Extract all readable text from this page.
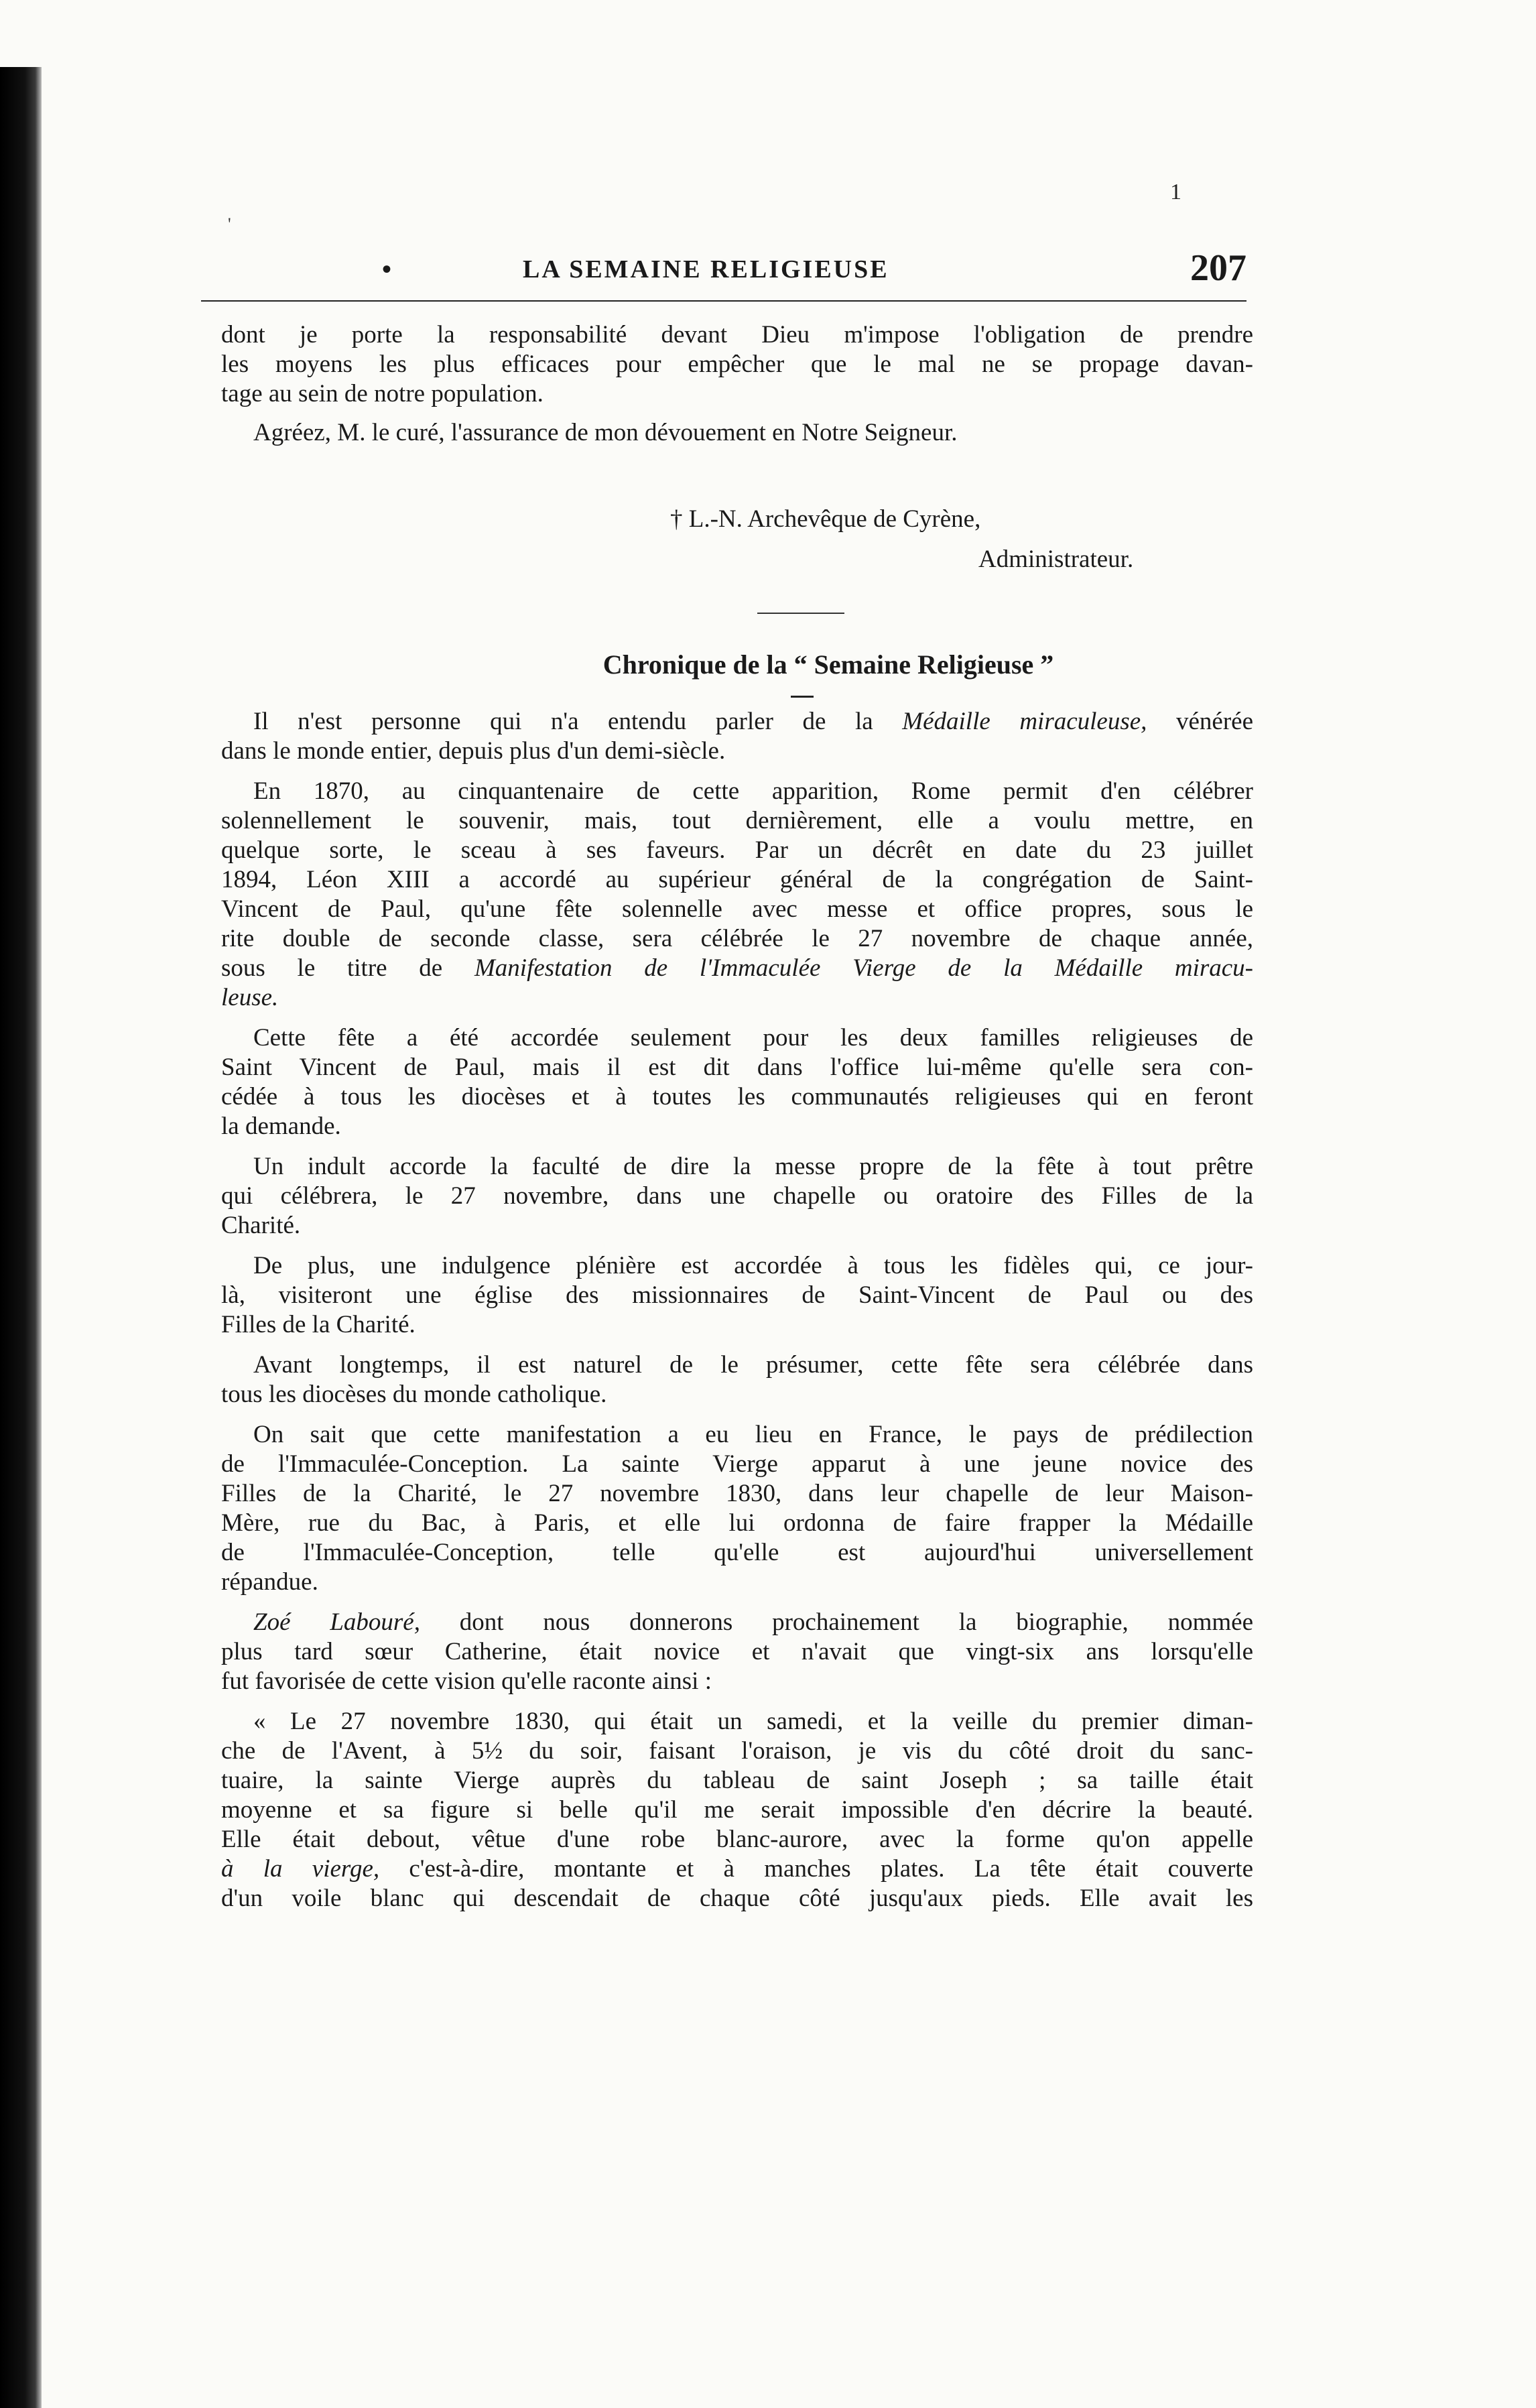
'
1
•	LA SEMAINE RELIGIEUSE	207
dont je porte la responsabilité devant Dieu m'impose l'obligation de prendre
les moyens les plus efficaces pour empêcher que le mal ne se propage davan-
tage au sein de notre population.
Agréez, M. le curé, l'assurance de mon dévouement en Notre Seigneur.
† L.-N. Archevêque de Cyrène,
Administrateur.
Chronique de la “ Semaine Religieuse ”
Il n'est personne qui n'a entendu parler de la Médaille miraculeuse, vénérée
dans le monde entier, depuis plus d'un demi-siècle.
En 1870, au cinquantenaire de cette apparition, Rome permit d'en célébrer
solennellement le souvenir, mais, tout dernièrement, elle a voulu mettre, en
quelque sorte, le sceau à ses faveurs. Par un décrêt en date du 23 juillet
1894, Léon XIII a accordé au supérieur général de la congrégation de Saint-
Vincent de Paul, qu'une fête solennelle avec messe et office propres, sous le
rite double de seconde classe, sera célébrée le 27 novembre de chaque année,
sous le titre de Manifestation de l'Immaculée Vierge de la Médaille miracu-
leuse.
Cette fête a été accordée seulement pour les deux familles religieuses de
Saint Vincent de Paul, mais il est dit dans l'office lui-même qu'elle sera con-
cédée à tous les diocèses et à toutes les communautés religieuses qui en feront
la demande.
Un indult accorde la faculté de dire la messe propre de la fête à tout prêtre
qui célébrera, le 27 novembre, dans une chapelle ou oratoire des Filles de la
Charité.
De plus, une indulgence plénière est accordée à tous les fidèles qui, ce jour-
là, visiteront une église des missionnaires de Saint-Vincent de Paul ou des
Filles de la Charité.
Avant longtemps, il est naturel de le présumer, cette fête sera célébrée dans
tous les diocèses du monde catholique.
On sait que cette manifestation a eu lieu en France, le pays de prédilection
de l'Immaculée-Conception. La sainte Vierge apparut à une jeune novice des
Filles de la Charité, le 27 novembre 1830, dans leur chapelle de leur Maison-
Mère, rue du Bac, à Paris, et elle lui ordonna de faire frapper la Médaille
de l'Immaculée-Conception, telle qu'elle est aujourd'hui universellement
répandue.
Zoé Labouré, dont nous donnerons prochainement la biographie, nommée
plus tard sœur Catherine, était novice et n'avait que vingt-six ans lorsqu'elle
fut favorisée de cette vision qu'elle raconte ainsi :
« Le 27 novembre 1830, qui était un samedi, et la veille du premier diman-
che de l'Avent, à 5½ du soir, faisant l'oraison, je vis du côté droit du sanc-
tuaire, la sainte Vierge auprès du tableau de saint Joseph ; sa taille était
moyenne et sa figure si belle qu'il me serait impossible d'en décrire la beauté.
Elle était debout, vêtue d'une robe blanc-aurore, avec la forme qu'on appelle
à la vierge, c'est-à-dire, montante et à manches plates. La tête était couverte
d'un voile blanc qui descendait de chaque côté jusqu'aux pieds. Elle avait les
